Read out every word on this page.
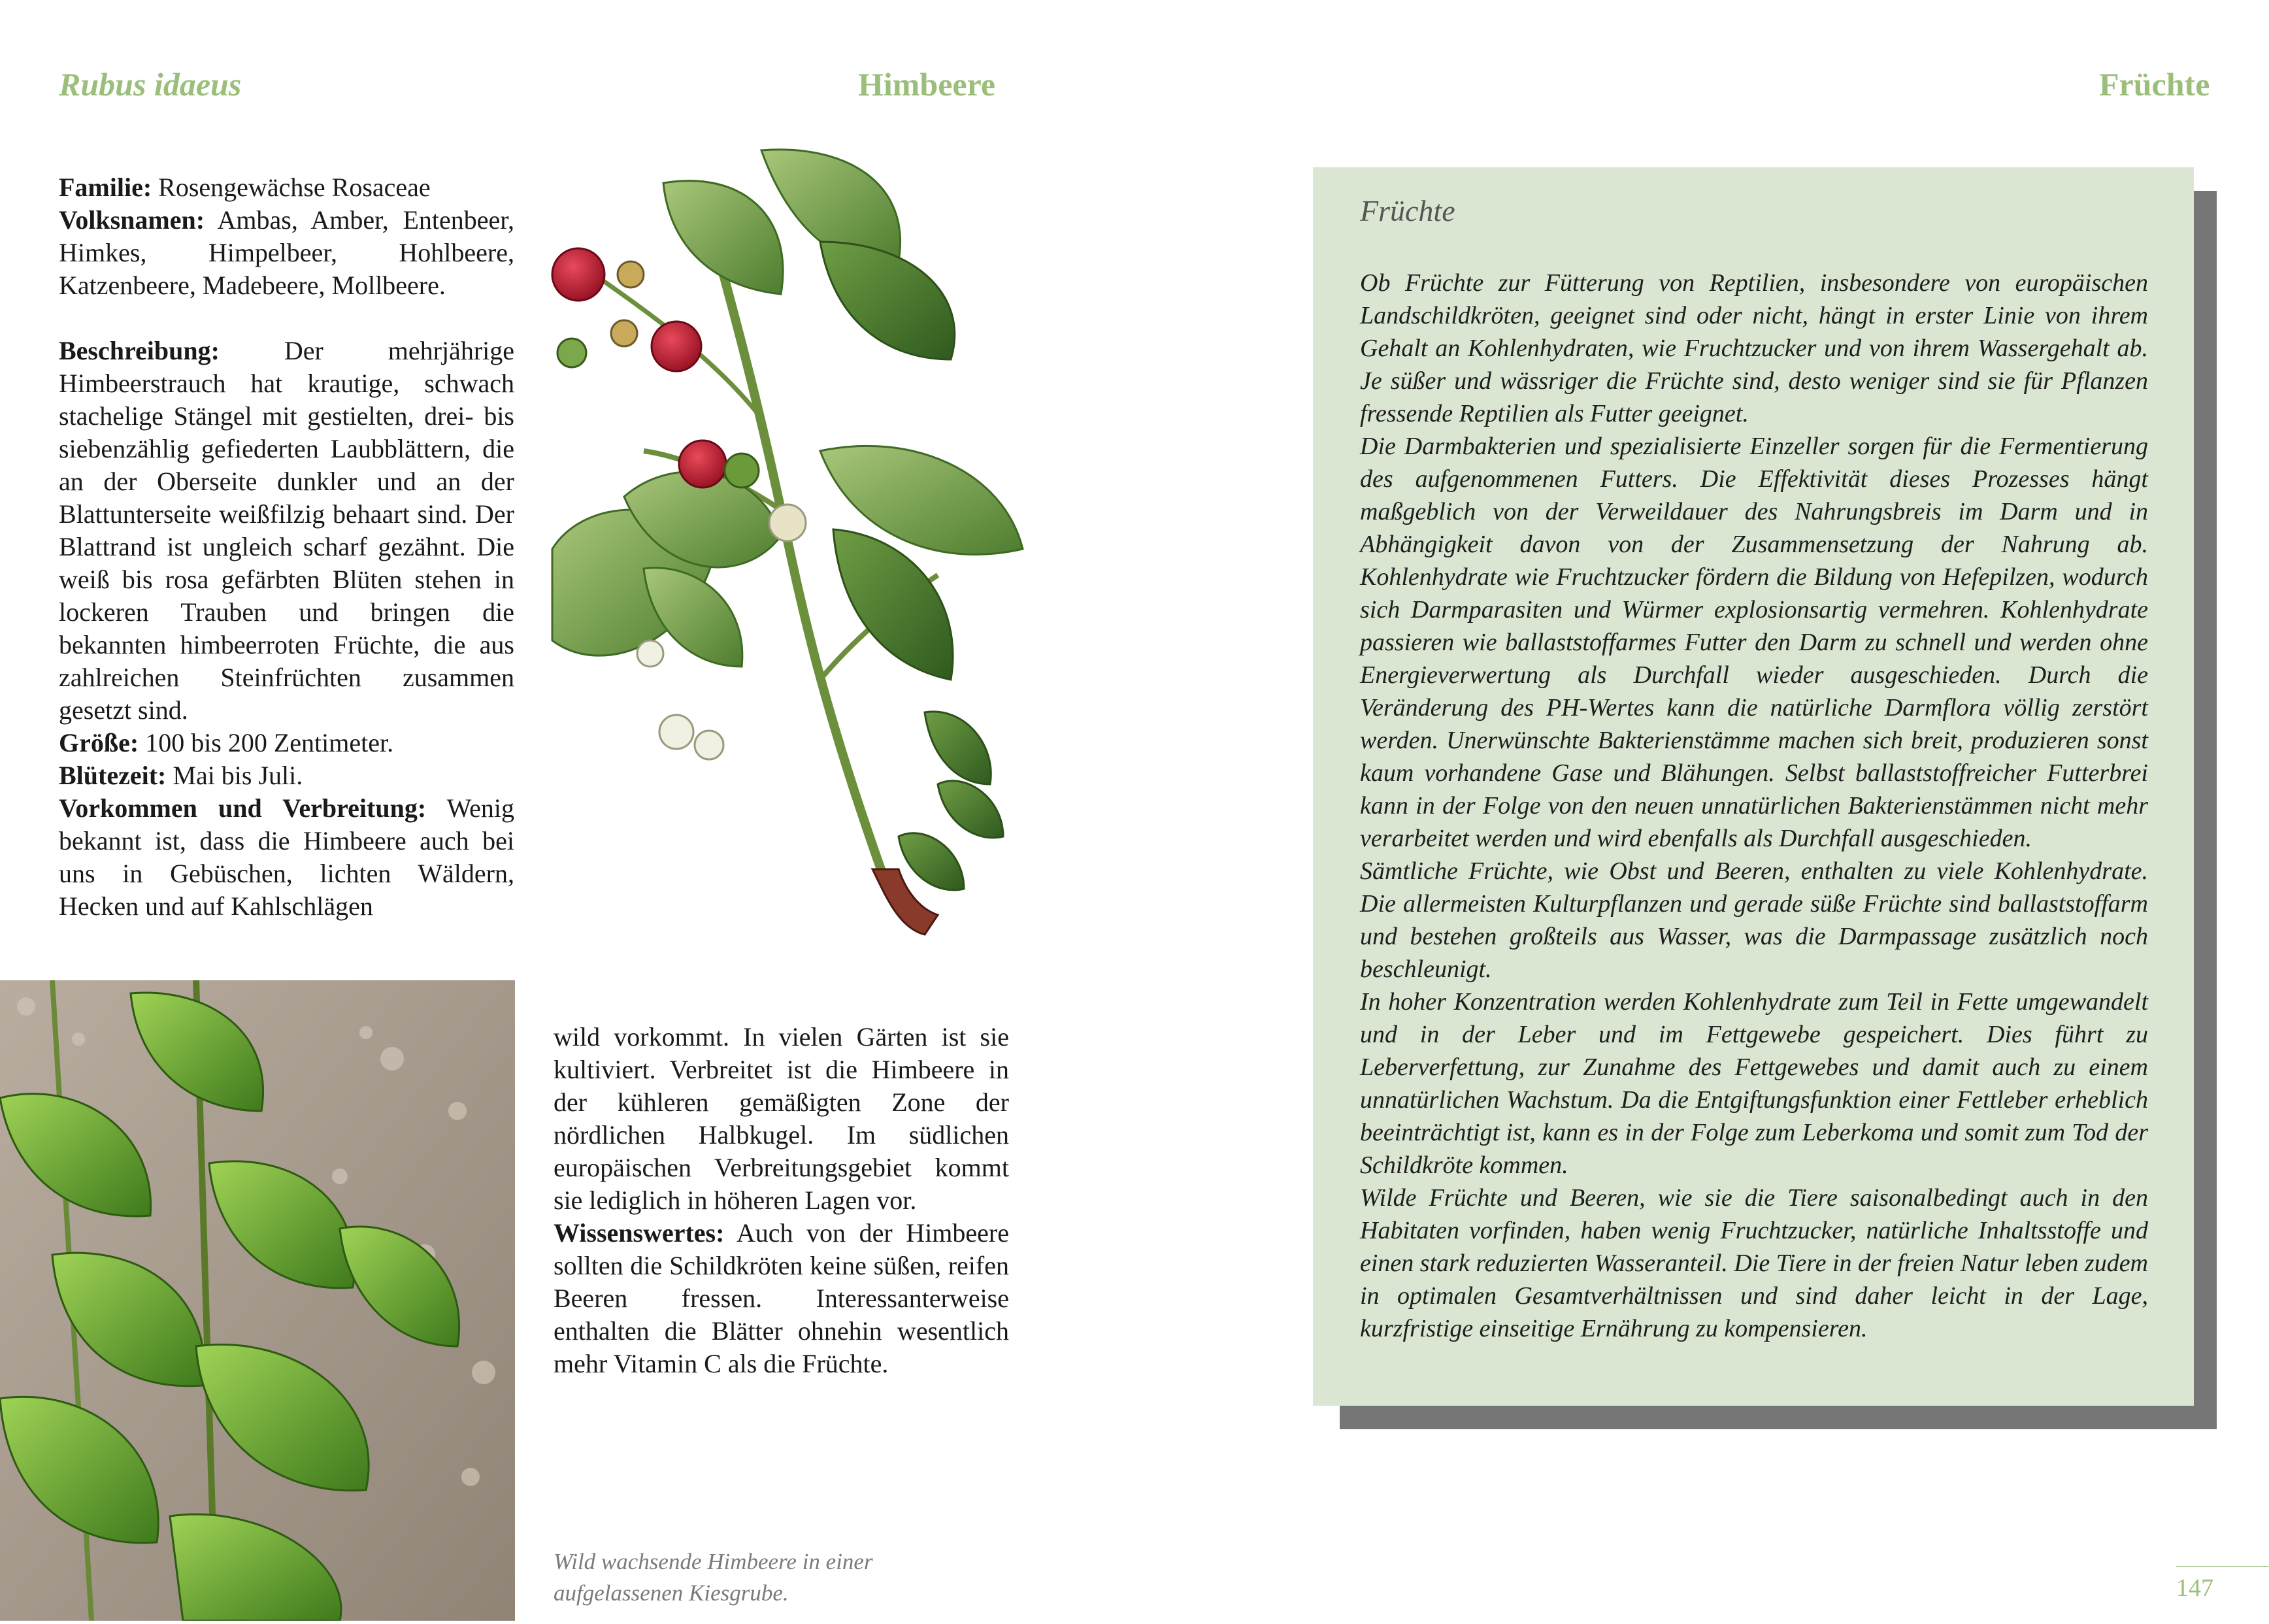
Rubus idaeus	Himbeere

Familie: Rosengewächse Rosaceae

Volksnamen: Ambas, Amber, Entenbeer, Himkes, Himpelbeer, Hohlbeere, Katzenbeere, Madebeere, Mollbeere.

Beschreibung: Der mehrjährige Himbeerstrauch hat krautige, schwach stachelige Stängel mit gestielten, drei- bis siebenzählig gefiederten Laubblättern, die an der Oberseite dunkler und an der Blattunterseite weißfilzig behaart sind. Der Blattrand ist ungleich scharf gezähnt. Die weiß bis rosa gefärbten Blüten stehen in lockeren Trauben und bringen die bekannten himbeerroten Früchte, die aus zahlreichen Steinfrüchten zusammen gesetzt sind.

Größe: 100 bis 200 Zentimeter.

Blütezeit: Mai bis Juli.

Vorkommen und Verbreitung: Wenig bekannt ist, dass die Himbeere auch bei uns in Gebüschen, lichten Wäldern, Hecken und auf Kahlschlägen

wild vorkommt. In vielen Gärten ist sie kultiviert. Verbreitet ist die Himbeere in der kühleren gemäßigten Zone der nördlichen Halbkugel. Im südlichen europäischen Verbreitungsgebiet kommt sie lediglich in höheren Lagen vor.

Wissenswertes: Auch von der Himbeere sollten die Schildkröten keine süßen, reifen Beeren fressen. Interessanterweise enthalten die Blätter ohnehin wesentlich mehr Vitamin C als die Früchte.

Wild wachsende Himbeere in einer aufgelassenen Kiesgrube.
Früchte
Früchte

Ob Früchte zur Fütterung von Reptilien, insbesondere von europäischen Landschildkröten, geeignet sind oder nicht, hängt in erster Linie von ihrem Gehalt an Kohlenhydraten, wie Fruchtzucker und von ihrem Wassergehalt ab. Je süßer und wässriger die Früchte sind, desto weniger sind sie für Pflanzen fressende Reptilien als Futter geeignet.

Die Darmbakterien und spezialisierte Einzeller sorgen für die Fermentierung des aufgenommenen Futters. Die Effektivität dieses Prozesses hängt maßgeblich von der Verweildauer des Nahrungsbreis im Darm und in Abhängigkeit davon von der Zusammensetzung der Nahrung ab. Kohlenhydrate wie Fruchtzucker fördern die Bildung von Hefepilzen, wodurch sich Darmparasiten und Würmer explosionsartig vermehren. Kohlenhydrate passieren wie ballaststoffarmes Futter den Darm zu schnell und werden ohne Energieverwertung als Durchfall wieder ausgeschieden. Durch die Veränderung des PH-Wertes kann die natürliche Darmflora völlig zerstört werden. Unerwünschte Bakterienstämme machen sich breit, produzieren sonst kaum vorhandene Gase und Blähungen. Selbst ballaststoffreicher Futterbrei kann in der Folge von den neuen unnatürlichen Bakterienstämmen nicht mehr verarbeitet werden und wird ebenfalls als Durchfall ausgeschieden.

Sämtliche Früchte, wie Obst und Beeren, enthalten zu viele Kohlenhydrate. Die allermeisten Kulturpflanzen und gerade süße Früchte sind ballaststoffarm und bestehen großteils aus Wasser, was die Darmpassage zusätzlich noch beschleunigt.

In hoher Konzentration werden Kohlenhydrate zum Teil in Fette umgewandelt und in der Leber und im Fettgewebe gespeichert. Dies führt zu Leberverfettung, zur Zunahme des Fettgewebes und damit auch zu einem unnatürlichen Wachstum. Da die Entgiftungsfunktion einer Fettleber erheblich beeinträchtigt ist, kann es in der Folge zum Leberkoma und somit zum Tod der Schildkröte kommen.

Wilde Früchte und Beeren, wie sie die Tiere saisonalbedingt auch in den Habitaten vorfinden, haben wenig Fruchtzucker, natürliche Inhaltsstoffe und einen stark reduzierten Wasseranteil. Die Tiere in der freien Natur leben zudem in optimalen Gesamtverhältnissen und sind daher leicht in der Lage, kurzfristige einseitige Ernährung zu kompensieren.

147
